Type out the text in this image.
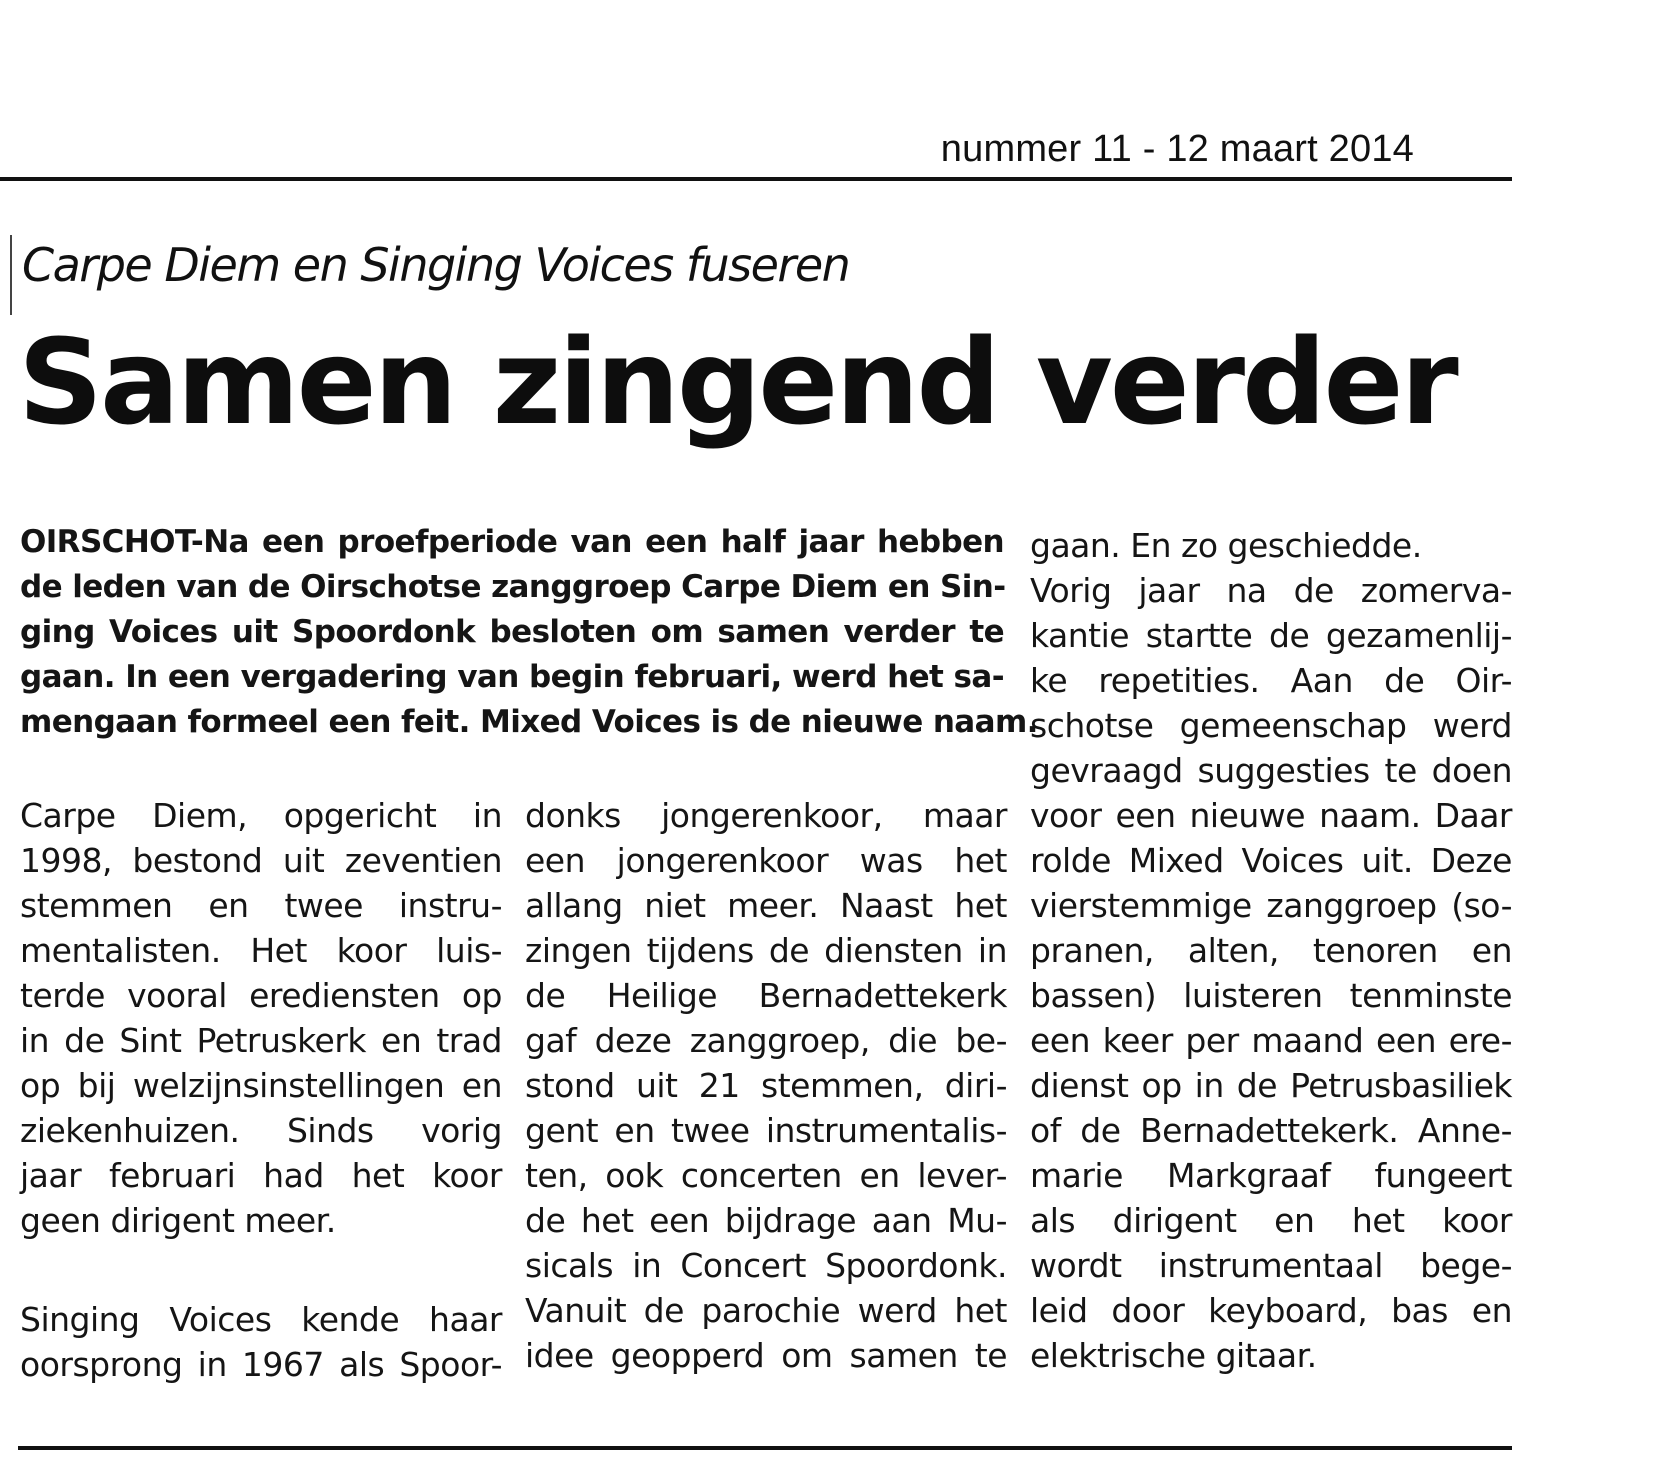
nummer 11 - 12 maart 2014
Carpe Diem en Singing Voices fuseren
Samen zingend verder
OIRSCHOT-Na een proefperiode van een half jaar hebben
de leden van de Oirschotse zanggroep Carpe Diem en Sin-
ging Voices uit Spoordonk besloten om samen verder te
gaan. In een vergadering van begin februari, werd het sa-
mengaan formeel een feit. Mixed Voices is de nieuwe naam.
Carpe Diem, opgericht in
1998, bestond uit zeventien
stemmen en twee instru-
mentalisten. Het koor luis-
terde vooral erediensten op
in de Sint Petruskerk en trad
op bij welzijnsinstellingen en
ziekenhuizen. Sinds vorig
jaar februari had het koor
geen dirigent meer.
Singing Voices kende haar
oorsprong in 1967 als Spoor-
donks jongerenkoor, maar
een jongerenkoor was het
allang niet meer. Naast het
zingen tijdens de diensten in
de Heilige Bernadettekerk
gaf deze zanggroep, die be-
stond uit 21 stemmen, diri-
gent en twee instrumentalis-
ten, ook concerten en lever-
de het een bijdrage aan Mu-
sicals in Concert Spoordonk.
Vanuit de parochie werd het
idee geopperd om samen te
gaan. En zo geschiedde.
Vorig jaar na de zomerva-
kantie startte de gezamenlij-
ke repetities. Aan de Oir-
schotse gemeenschap werd
gevraagd suggesties te doen
voor een nieuwe naam. Daar
rolde Mixed Voices uit. Deze
vierstemmige zanggroep (so-
pranen, alten, tenoren en
bassen) luisteren tenminste
een keer per maand een ere-
dienst op in de Petrusbasiliek
of de Bernadettekerk. Anne-
marie Markgraaf fungeert
als dirigent en het koor
wordt instrumentaal bege-
leid door keyboard, bas en
elektrische gitaar.
